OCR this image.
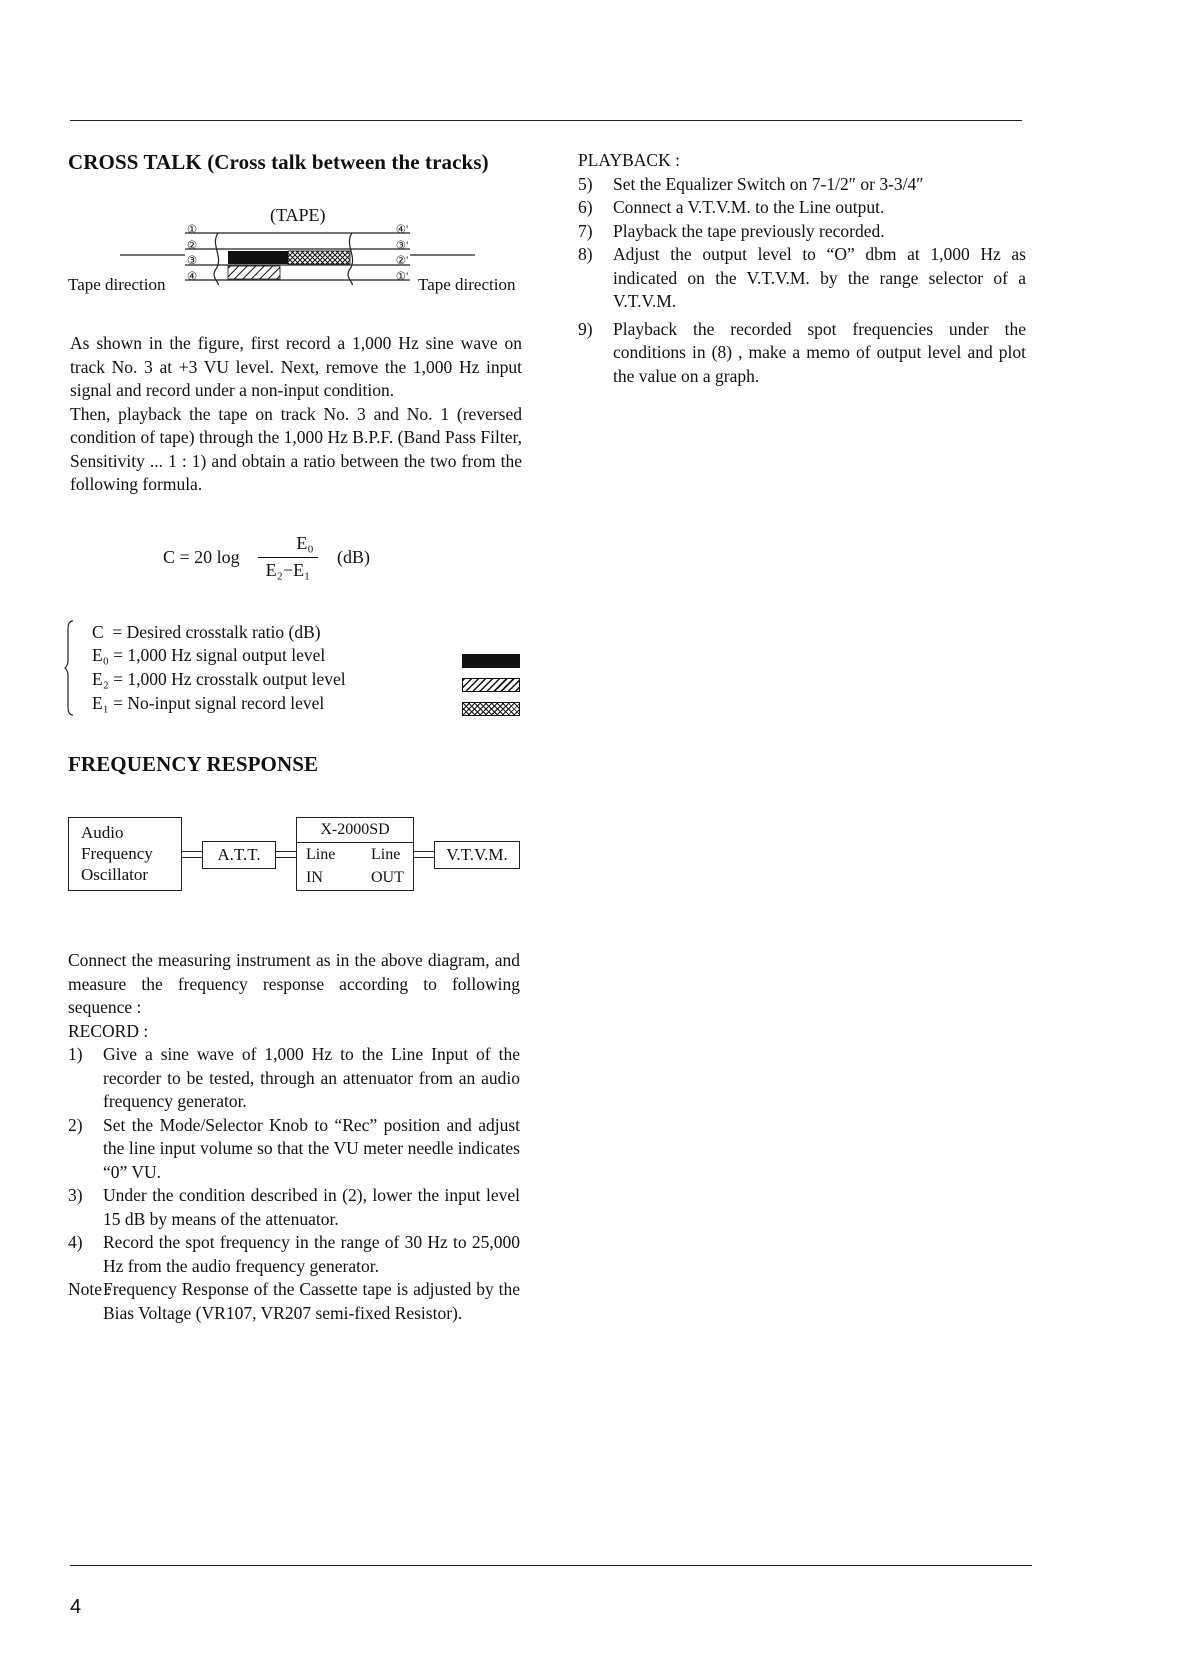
CROSS TALK (Cross talk between the tracks)
(TAPE)
①
②
③
④
④'
③'
②'
①'
Tape direction	Tape direction

As shown in the figure, first record a 1,000 Hz sine wave on track No. 3 at +3 VU level. Next, remove the 1,000 Hz input signal and record under a non-input condition.

Then, playback the tape on track No. 3 and No. 1 (reversed condition of tape) through the 1,000 Hz B.P.F. (Band Pass Filter, Sensitivity ... 1 : 1) and obtain a ratio between the two from the following formula.

C = 20 log
E₀
E₂−E₁
(dB)
C  = Desired crosstalk ratio (dB)
E₀ = 1,000 Hz signal output level
E₂ = 1,000 Hz crosstalk output level
E₁ = No-input signal record level
FREQUENCY RESPONSE
Audio
Frequency
Oscillator
A.T.T.
X-2000SD
Line Line
IN	OUT
V.T.V.M.

Connect the measuring instrument as in the above diagram, and measure the frequency response according to following sequence :

RECORD :

1) Give a sine wave of 1,000 Hz to the Line Input of the recorder to be tested, through an attenuator from an audio frequency generator.
2) Set the Mode/Selector Knob to “Rec” position and adjust the line input volume so that the VU meter needle indicates “0” VU.
3) Under the condition described in (2), lower the input level 15 dB by means of the attenuator.
4) Record the spot frequency in the range of 30 Hz to 25,000 Hz from the audio frequency generator.
Note :
Frequency Response of the Cassette tape is adjusted by the Bias Voltage (VR107, VR207 semi-fixed Resistor).

PLAYBACK :

5) Set the Equalizer Switch on 7-1/2″ or 3-3/4″
6) Connect a V.T.V.M. to the Line output.
7) Playback the tape previously recorded.
8) Adjust the output level to “O” dbm at 1,000 Hz as indicated on the V.T.V.M. by the range selector of a V.T.V.M.
9) Playback the recorded spot frequencies under the conditions in (8) , make a memo of output level and plot the value on a graph.
4
